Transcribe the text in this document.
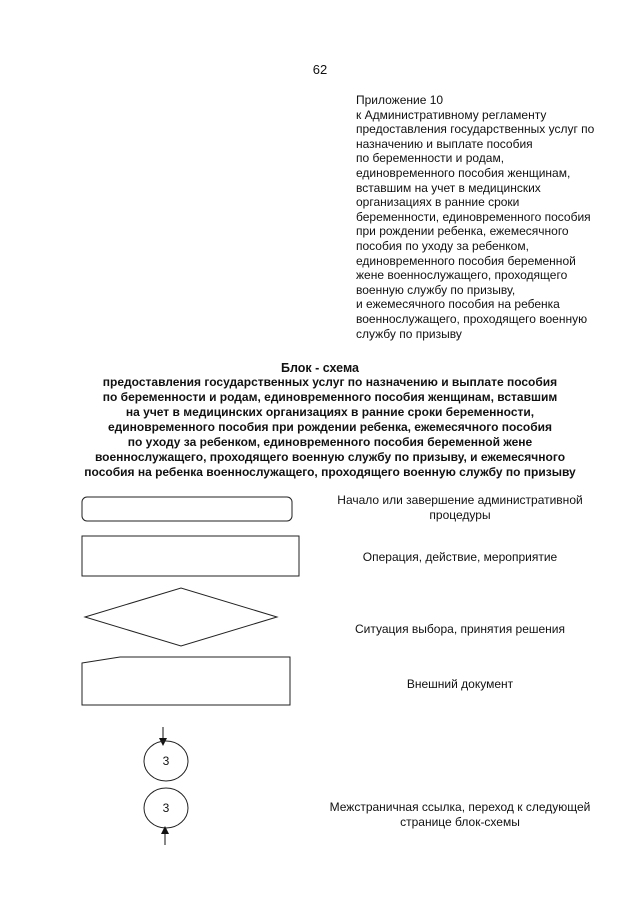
62
Приложение 10
к Административному регламенту
предоставления государственных услуг по
назначению и выплате пособия
по беременности и родам,
единовременного пособия женщинам,
вставшим на учет в медицинских
организациях в ранние сроки
беременности, единовременного пособия
при рождении ребенка, ежемесячного
пособия по уходу за ребенком,
единовременного пособия беременной
жене военнослужащего, проходящего
военную службу по призыву,
и ежемесячного пособия на ребенка
военнослужащего, проходящего военную
службу по призыву
Блок - схема
предоставления государственных услуг по назначению и выплате пособия
по беременности и родам, единовременного пособия женщинам, вставшим
на учет в медицинских организациях в ранние сроки беременности,
единовременного пособия при рождении ребенка, ежемесячного пособия
по уходу за ребенком, единовременного пособия беременной жене
военнослужащего, проходящего военную службу по призыву, и ежемесячного
пособия на ребенка военнослужащего, проходящего военную службу по призыву
3
3
Начало или завершение административной
процедуры
Операция, действие, мероприятие
Ситуация выбора, принятия решения
Внешний документ
Межстраничная ссылка, переход к следующей
странице блок-схемы
